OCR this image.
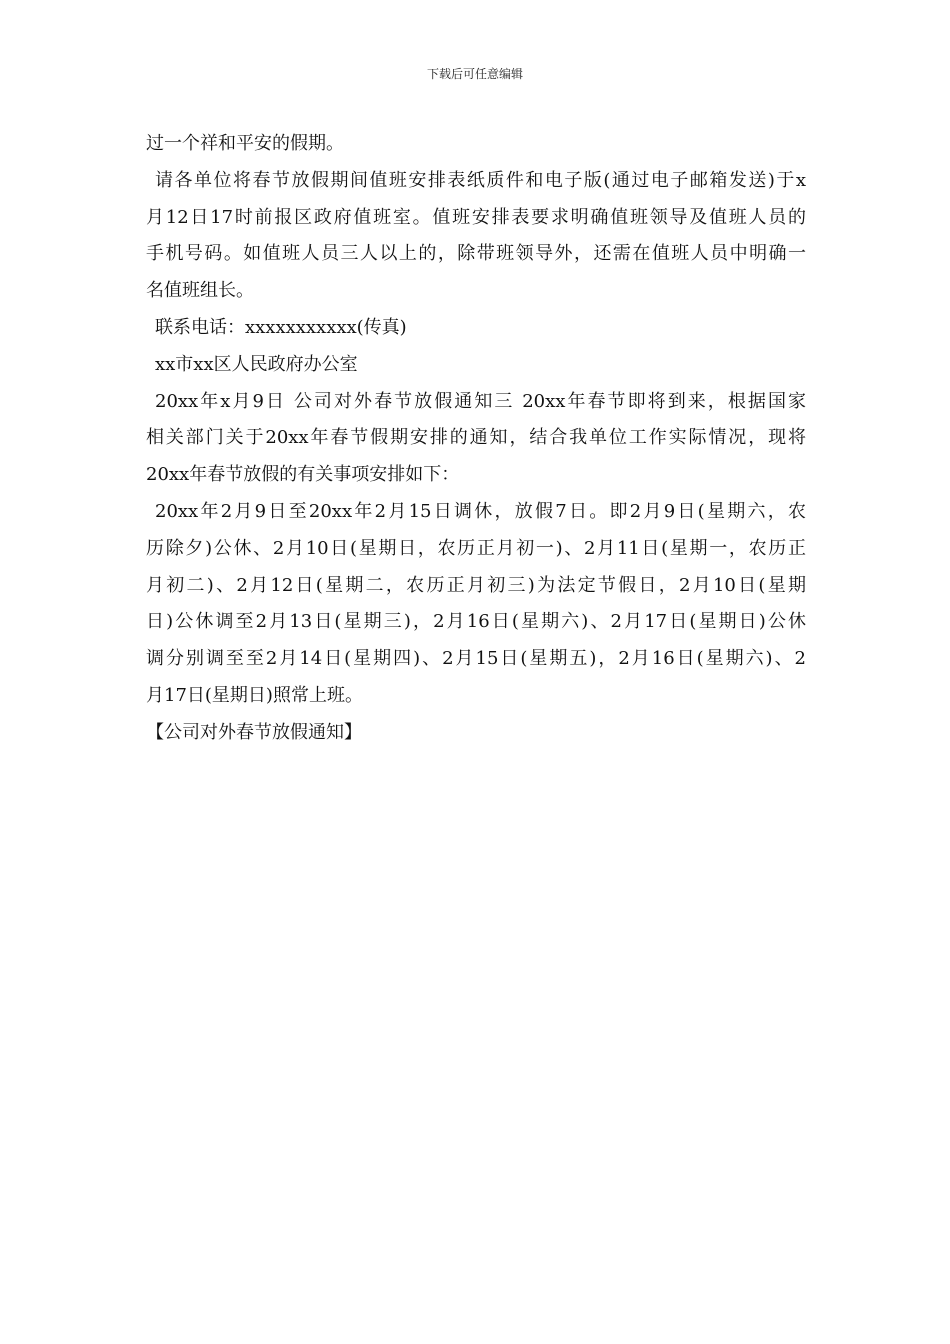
下载后可任意编辑
过一个祥和平安的假期。
请各单位将春节放假期间值班安排表纸质件和电子版(通过电子邮箱发送)于x
月12日17时前报区政府值班室。值班安排表要求明确值班领导及值班人员的
手机号码。如值班人员三人以上的，除带班领导外，还需在值班人员中明确一
名值班组长。
联系电话：xxxxxxxxxxx(传真)
xx市xx区人民政府办公室
20xx年x月9日 公司对外春节放假通知三 20xx年春节即将到来，根据国家
相关部门关于20xx年春节假期安排的通知，结合我单位工作实际情况，现将
20xx年春节放假的有关事项安排如下：
20xx年2月9日至20xx年2月15日调休，放假7日。即2月9日(星期六，农
历除夕)公休、2月10日(星期日，农历正月初一)、2月11日(星期一，农历正
月初二)、2月12日(星期二，农历正月初三)为法定节假日，2月10日(星期
日)公休调至2月13日(星期三)，2月16日(星期六)、2月17日(星期日)公休
调分别调至至2月14日(星期四)、2月15日(星期五)，2月16日(星期六)、2
月17日(星期日)照常上班。
【公司对外春节放假通知】
